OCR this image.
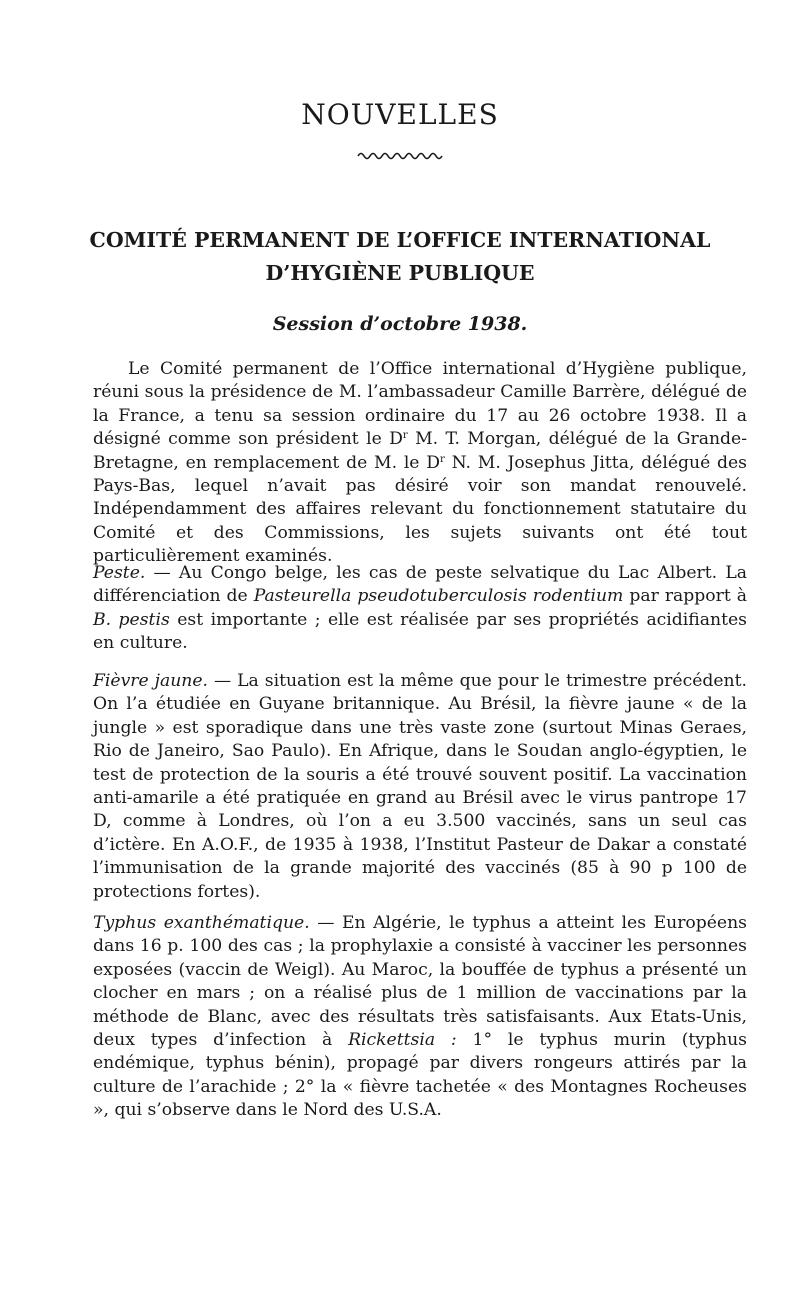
NOUVELLES
COMITÉ PERMANENT DE L’OFFICE INTERNATIONAL
D’HYGIÈNE PUBLIQUE
Session d’octobre 1938.

Le Comité permanent de l’Office international d’Hygiène publique, réuni sous la présidence de M. l’ambassadeur Camille Barrère, délégué de la France, a tenu sa session ordinaire du 17 au 26 octobre 1938. Il a désigné comme son président le $D^r$ M. T. Morgan, délégué de la Grande-Bretagne, en remplacement de M. le $D^r$ N. M. Josephus Jitta, délégué des Pays-Bas, lequel n’avait pas désiré voir son mandat renouvelé. Indépendamment des affaires relevant du fonctionnement statutaire du Comité et des Commissions, les sujets suivants ont été tout particulièrement examinés.

Peste. — Au Congo belge, les cas de peste selvatique du Lac Albert. La différenciation de Pasteurella pseudotuberculosis rodentium par rapport à B. pestis est importante ; elle est réalisée par ses propriétés acidifiantes en culture.

Fièvre jaune. — La situation est la même que pour le trimestre précédent. On l’a étudiée en Guyane britannique. Au Brésil, la fièvre jaune « de la jungle » est sporadique dans une très vaste zone (surtout Minas Geraes, Rio de Janeiro, Sao Paulo). En Afrique, dans le Soudan anglo-égyptien, le test de protection de la souris a été trouvé souvent positif. La vaccination anti-amarile a été pratiquée en grand au Brésil avec le virus pantrope 17 D, comme à Londres, où l’on a eu 3.500 vaccinés, sans un seul cas d’ictère. En A.O.F., de 1935 à 1938, l’Institut Pasteur de Dakar a constaté l’immunisation de la grande majorité des vaccinés (85 à 90 p 100 de protections fortes).

Typhus exanthématique. — En Algérie, le typhus a atteint les Européens dans 16 p. 100 des cas ; la prophylaxie a consisté à vacciner les personnes exposées (vaccin de Weigl). Au Maroc, la bouffée de typhus a présenté un clocher en mars ; on a réalisé plus de 1 million de vaccinations par la méthode de Blanc, avec des résultats très satisfaisants. Aux Etats-Unis, deux types d’infection à Rickettsia : 1° le typhus murin (typhus endémique, typhus bénin), propagé par divers rongeurs attirés par la culture de l’arachide ; 2° la « fièvre tachetée « des Montagnes Rocheuses », qui s’observe dans le Nord des U.S.A.
